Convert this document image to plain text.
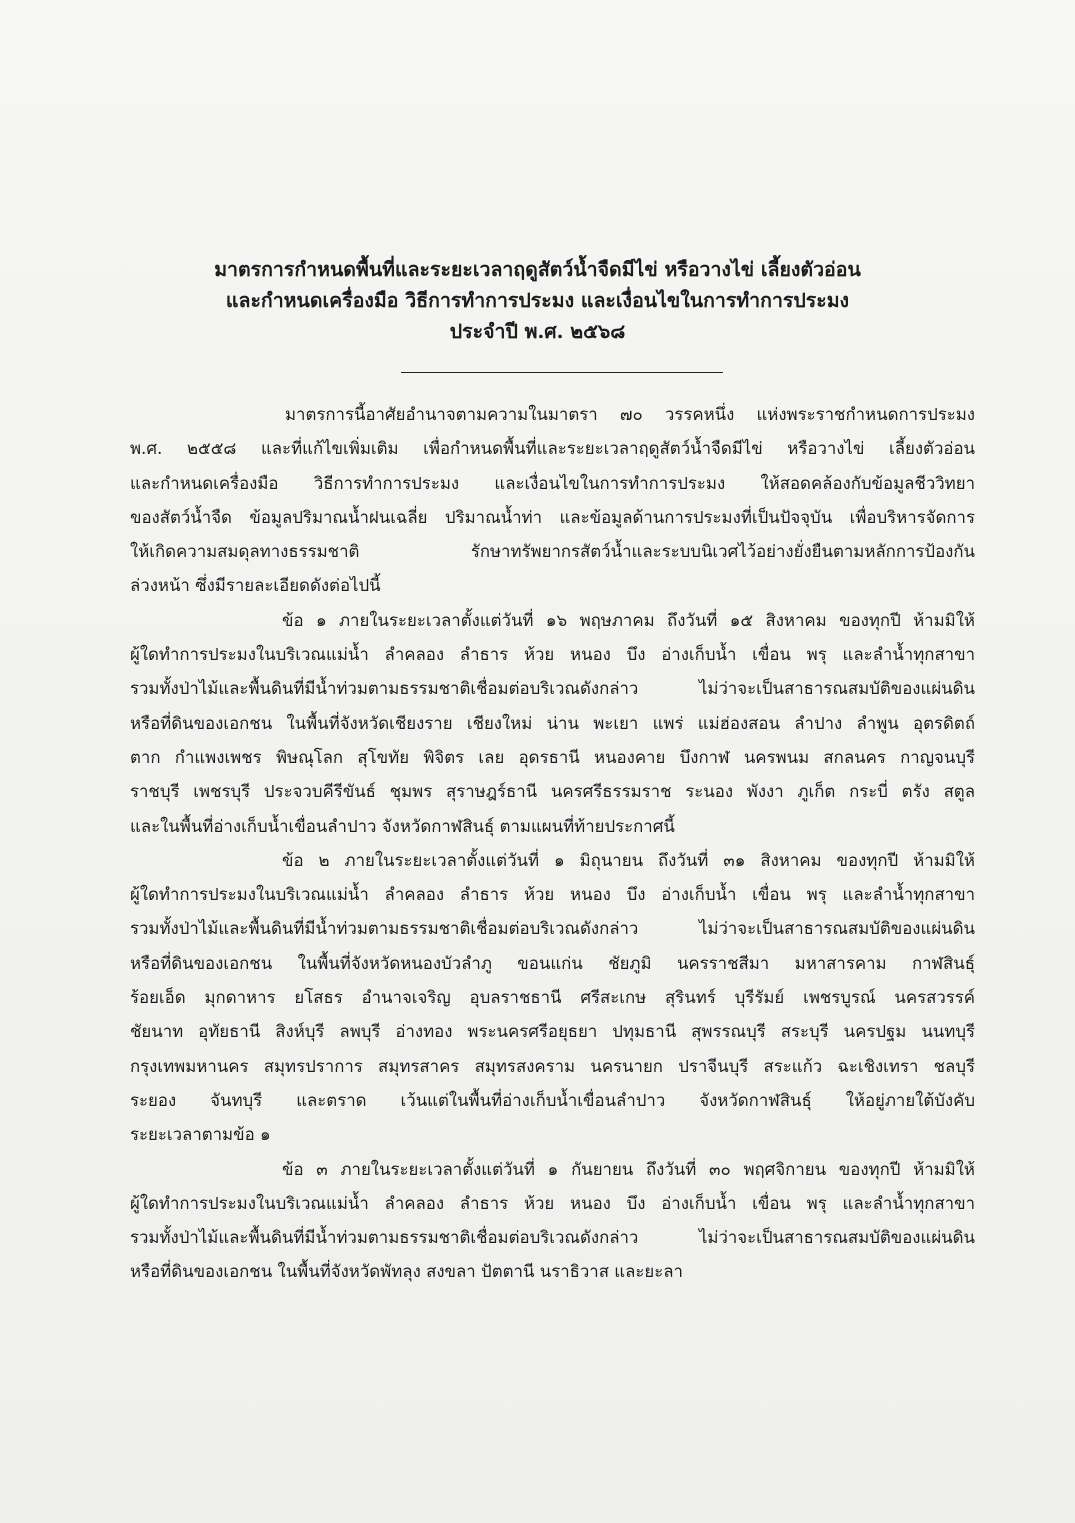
มาตรการกำหนดพื้นที่และระยะเวลาฤดูสัตว์น้ำจืดมีไข่ หรือวางไข่ เลี้ยงตัวอ่อน
และกำหนดเครื่องมือ วิธีการทำการประมง และเงื่อนไขในการทำการประมง
ประจำปี พ.ศ. ๒๕๖๘
มาตรการนี้อาศัยอำนาจตามความในมาตรา ๗๐ วรรคหนึ่ง แห่งพระราชกำหนดการประมง
พ.ศ. ๒๕๕๘ และที่แก้ไขเพิ่มเติม เพื่อกำหนดพื้นที่และระยะเวลาฤดูสัตว์น้ำจืดมีไข่ หรือวางไข่ เลี้ยงตัวอ่อน
และกำหนดเครื่องมือ วิธีการทำการประมง และเงื่อนไขในการทำการประมง ให้สอดคล้องกับข้อมูลชีววิทยา
ของสัตว์น้ำจืด ข้อมูลปริมาณน้ำฝนเฉลี่ย ปริมาณน้ำท่า และข้อมูลด้านการประมงที่เป็นปัจจุบัน เพื่อบริหารจัดการ
ให้เกิดความสมดุลทางธรรมชาติ รักษาทรัพยากรสัตว์น้ำและระบบนิเวศไว้อย่างยั่งยืนตามหลักการป้องกัน
ล่วงหน้า ซึ่งมีรายละเอียดดังต่อไปนี้
ข้อ ๑ ภายในระยะเวลาตั้งแต่วันที่ ๑๖ พฤษภาคม ถึงวันที่ ๑๕ สิงหาคม ของทุกปี ห้ามมิให้
ผู้ใดทำการประมงในบริเวณแม่น้ำ ลำคลอง ลำธาร ห้วย หนอง บึง อ่างเก็บน้ำ เขื่อน พรุ และลำน้ำทุกสาขา
รวมทั้งป่าไม้และพื้นดินที่มีน้ำท่วมตามธรรมชาติเชื่อมต่อบริเวณดังกล่าว ไม่ว่าจะเป็นสาธารณสมบัติของแผ่นดิน
หรือที่ดินของเอกชน ในพื้นที่จังหวัดเชียงราย เชียงใหม่ น่าน พะเยา แพร่ แม่ฮ่องสอน ลำปาง ลำพูน อุตรดิตถ์
ตาก กำแพงเพชร พิษณุโลก สุโขทัย พิจิตร เลย อุดรธานี หนองคาย บึงกาฬ นครพนม สกลนคร กาญจนบุรี
ราชบุรี เพชรบุรี ประจวบคีรีขันธ์ ชุมพร สุราษฎร์ธานี นครศรีธรรมราช ระนอง พังงา ภูเก็ต กระบี่ ตรัง สตูล
และในพื้นที่อ่างเก็บน้ำเขื่อนลำปาว จังหวัดกาฬสินธุ์ ตามแผนที่ท้ายประกาศนี้
ข้อ ๒ ภายในระยะเวลาตั้งแต่วันที่ ๑ มิถุนายน ถึงวันที่ ๓๑ สิงหาคม ของทุกปี ห้ามมิให้
ผู้ใดทำการประมงในบริเวณแม่น้ำ ลำคลอง ลำธาร ห้วย หนอง บึง อ่างเก็บน้ำ เขื่อน พรุ และลำน้ำทุกสาขา
รวมทั้งป่าไม้และพื้นดินที่มีน้ำท่วมตามธรรมชาติเชื่อมต่อบริเวณดังกล่าว ไม่ว่าจะเป็นสาธารณสมบัติของแผ่นดิน
หรือที่ดินของเอกชน ในพื้นที่จังหวัดหนองบัวลำภู ขอนแก่น ชัยภูมิ นครราชสีมา มหาสารคาม กาฬสินธุ์
ร้อยเอ็ด มุกดาหาร ยโสธร อำนาจเจริญ อุบลราชธานี ศรีสะเกษ สุรินทร์ บุรีรัมย์ เพชรบูรณ์ นครสวรรค์
ชัยนาท อุทัยธานี สิงห์บุรี ลพบุรี อ่างทอง พระนครศรีอยุธยา ปทุมธานี สุพรรณบุรี สระบุรี นครปฐม นนทบุรี
กรุงเทพมหานคร สมุทรปราการ สมุทรสาคร สมุทรสงคราม นครนายก ปราจีนบุรี สระแก้ว ฉะเชิงเทรา ชลบุรี
ระยอง จันทบุรี และตราด เว้นแต่ในพื้นที่อ่างเก็บน้ำเขื่อนลำปาว จังหวัดกาฬสินธุ์ ให้อยู่ภายใต้บังคับ
ระยะเวลาตามข้อ ๑
ข้อ ๓ ภายในระยะเวลาตั้งแต่วันที่ ๑ กันยายน ถึงวันที่ ๓๐ พฤศจิกายน ของทุกปี ห้ามมิให้
ผู้ใดทำการประมงในบริเวณแม่น้ำ ลำคลอง ลำธาร ห้วย หนอง บึง อ่างเก็บน้ำ เขื่อน พรุ และลำน้ำทุกสาขา
รวมทั้งป่าไม้และพื้นดินที่มีน้ำท่วมตามธรรมชาติเชื่อมต่อบริเวณดังกล่าว ไม่ว่าจะเป็นสาธารณสมบัติของแผ่นดิน
หรือที่ดินของเอกชน ในพื้นที่จังหวัดพัทลุง สงขลา ปัตตานี นราธิวาส และยะลา
